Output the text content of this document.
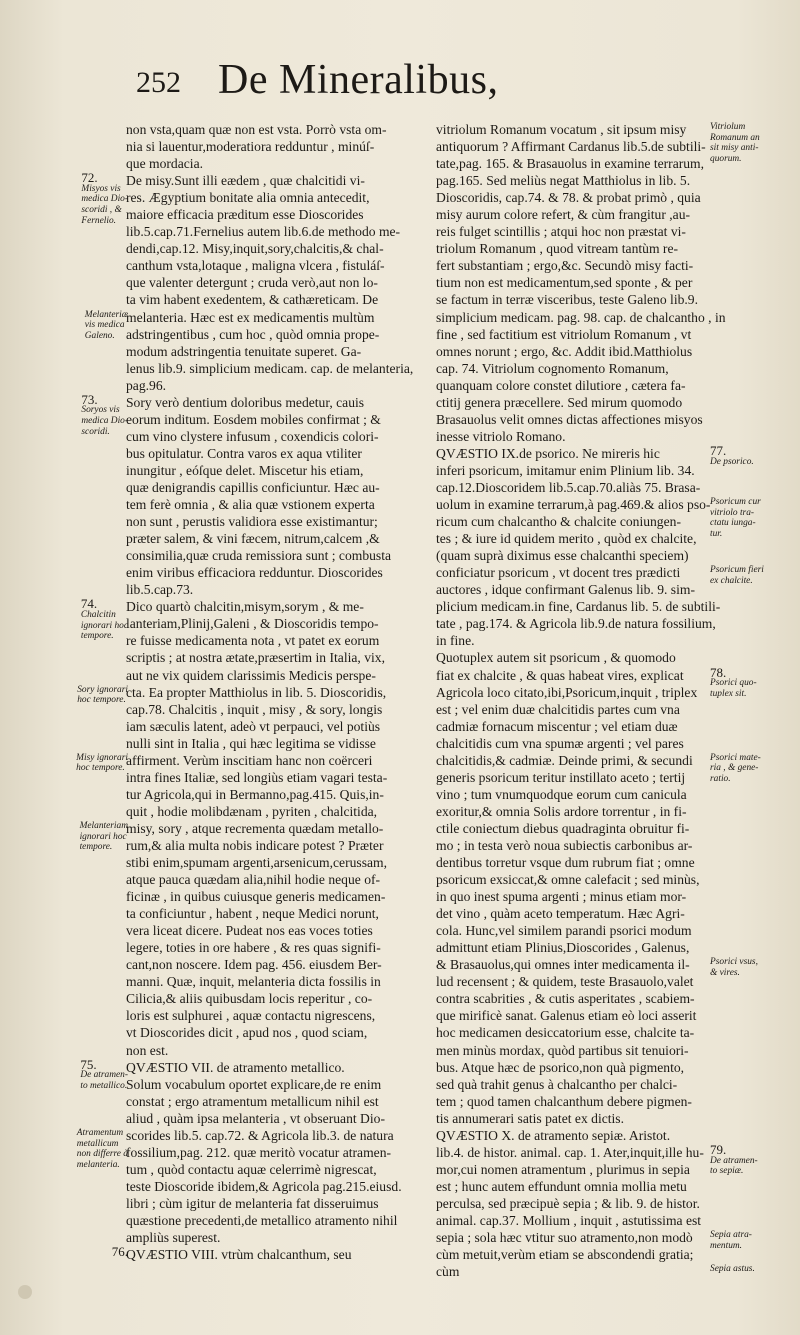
252 De Mineralibus,
72.
Misyos vis
medica Dio-
scoridi , &
Fernelio.
Melanteriæ
vis medica
Galeno.
73.
Soryos vis
medica Dio-
scoridi.
74.
Chalcitin
ignorari hoc
tempore.
Sory ignorari
hoc tempore.
Misy ignorari
hoc tempore.
Melanteriam
ignorari hoc
tempore.
75.
De atramen-
to metallico.
Atramentum
metallicum
non differre à
melanteria.
76.
non vsta,quam quæ non est vsta. Porrò vsta om-
nia si lauentur,moderatiora redduntur , minúſ-
que mordacia.
De misy.Sunt illi eædem , quæ chalcitidi vi-
res. Ægyptium bonitate alia omnia antecedit,
maiore efficacia præditum esse Dioscorides
lib.5.cap.71.Fernelius autem lib.6.de methodo me-
dendi,cap.12. Misy,inquit,sory,chalcitis,& chal-
canthum vsta,lotaque , maligna vlcera , fistuláſ-
que valenter detergunt ; cruda verò,aut non lo-
ta vim habent exedentem, & cathæreticam. De
melanteria. Hæc est ex medicamentis multùm
adstringentibus , cum hoc , quòd omnia prope-
modum adstringentia tenuitate superet. Ga-
lenus lib.9. simplicium medicam. cap. de melanteria,
pag.96.
Sory verò dentium doloribus medetur, cauis
eorum inditum. Eosdem mobiles confirmat ; &
cum vino clystere infusum , coxendicis colori-
bus opitulatur. Contra varos ex aqua vtiliter
inungitur , eóſque delet. Miscetur his etiam,
quæ denigrandis capillis conficiuntur. Hæc au-
tem ferè omnia , & alia quæ vstionem experta
non sunt , perustis validiora esse existimantur;
præter salem, & vini fæcem, nitrum,calcem ,&
consimilia,quæ cruda remissiora sunt ; combusta
enim viribus efficaciora redduntur. Dioscorides
lib.5.cap.73.
Dico quartò chalcitin,misym,sorym , & me-
lanteriam,Plinij,Galeni , & Dioscoridis tempo-
re fuisse medicamenta nota , vt patet ex eorum
scriptis ; at nostra ætate,præsertim in Italia, vix,
aut ne vix quidem clarissimis Medicis perspe-
cta. Ea propter Matthiolus in lib. 5. Dioscoridis,
cap.78. Chalcitis , inquit , misy , & sory, longis
iam sæculis latent, adeò vt perpauci, vel potiùs
nulli sint in Italia , qui hæc legitima se vidisse
affirment. Verùm inscitiam hanc non coërceri
intra fines Italiæ, sed longiùs etiam vagari testa-
tur Agricola,qui in Bermanno,pag.415. Quis,in-
quit , hodie molibdænam , pyriten , chalcitida,
misy, sory , atque recrementa quædam metallo-
rum,& alia multa nobis indicare potest ? Præter
stibi enim,spumam argenti,arsenicum,cerussam,
atque pauca quædam alia,nihil hodie neque of-
ficinæ , in quibus cuiusque generis medicamen-
ta conficiuntur , habent , neque Medici norunt,
vera liceat dicere. Pudeat nos eas voces toties
legere, toties in ore habere , & res quas signifi-
cant,non noscere. Idem pag. 456. eiusdem Ber-
manni. Quæ, inquit, melanteria dicta fossilis in
Cilicia,& aliis quibusdam locis reperitur , co-
loris est sulphurei , aquæ contactu nigrescens,
vt Dioscorides dicit , apud nos , quod sciam,
non est.
QVÆSTIO VII. de atramento metallico.
Solum vocabulum oportet explicare,de re enim
constat ; ergo atramentum metallicum nihil est
aliud , quàm ipsa melanteria , vt obseruant Dio-
scorides lib.5. cap.72. & Agricola lib.3. de natura
fossilium,pag. 212. quæ meritò vocatur atramen-
tum , quòd contactu aquæ celerrimè nigrescat,
teste Dioscoride ibidem,& Agricola pag.215.eiusd.
libri ; cùm igitur de melanteria fat disseruimus
quæstione precedenti,de metallico atramento nihil
ampliùs superest.
QVÆSTIO VIII. vtrùm chalcanthum, seu
vitriolum Romanum vocatum , sit ipsum misy
antiquorum ? Affirmant Cardanus lib.5.de subtili-
tate,pag. 165. & Brasauolus in examine terrarum,
pag.165. Sed meliùs negat Matthiolus in lib. 5.
Dioscoridis, cap.74. & 78. & probat primò , quia
misy aurum colore refert, & cùm frangitur ,au-
reis fulget scintillis ; atqui hoc non præstat vi-
triolum Romanum , quod vitream tantùm re-
fert substantiam ; ergo,&c. Secundò misy facti-
tium non est medicamentum,sed sponte , & per
se factum in terræ visceribus, teste Galeno lib.9.
simplicium medicam. pag. 98. cap. de chalcantho , in
fine , sed factitium est vitriolum Romanum , vt
omnes norunt ; ergo, &c. Addit ibid.Matthiolus
cap. 74. Vitriolum cognomento Romanum,
quanquam colore constet dilutiore , cætera fa-
ctitij genera præcellere. Sed mirum quomodo
Brasauolus velit omnes dictas affectiones misyos
inesse vitriolo Romano.
QVÆSTIO IX.de psorico. Ne mireris hic
inferi psoricum, imitamur enim Plinium lib. 34.
cap.12.Dioscoridem lib.5.cap.70.aliàs 75. Brasa-
uolum in examine terrarum,à pag.469.& alios pso-
ricum cum chalcantho & chalcite coniungen-
tes ; & iure id quidem merito , quòd ex chalcite,
(quam suprà diximus esse chalcanthi speciem)
conficiatur psoricum , vt docent tres prædicti
auctores , idque confirmant Galenus lib. 9. sim-
plicium medicam.in fine, Cardanus lib. 5. de subtili-
tate , pag.174. & Agricola lib.9.de natura fossilium,
in fine.
Quotuplex autem sit psoricum , & quomodo
fiat ex chalcite , & quas habeat vires, explicat
Agricola loco citato,ibi,Psoricum,inquit , triplex
est ; vel enim duæ chalcitidis partes cum vna
cadmiæ fornacum miscentur ; vel etiam duæ
chalcitidis cum vna spumæ argenti ; vel pares
chalcitidis,& cadmiæ. Deinde primi, & secundi
generis psoricum teritur instillato aceto ; tertij
vino ; tum vnumquodque eorum cum canicula
exoritur,& omnia Solis ardore torrentur , in fi-
ctile coniectum diebus quadraginta obruitur fi-
mo ; in testa verò noua subiectis carbonibus ar-
dentibus torretur vsque dum rubrum fiat ; omne
psoricum exsiccat,& omne calefacit ; sed minùs,
in quo inest spuma argenti ; minus etiam mor-
det vino , quàm aceto temperatum. Hæc Agri-
cola. Hunc,vel similem parandi psorici modum
admittunt etiam Plinius,Dioscorides , Galenus,
& Brasauolus,qui omnes inter medicamenta il-
lud recensent ; & quidem, teste Brasauolo,valet
contra scabrities , & cutis asperitates , scabiem-
que mirificè sanat. Galenus etiam eò loci asserit
hoc medicamen desiccatorium esse, chalcite ta-
men minùs mordax, quòd partibus sit tenuiori-
bus. Atque hæc de psorico,non quà pigmento,
sed quà trahit genus à chalcantho per chalci-
tem ; quod tamen chalcanthum debere pigmen-
tis annumerari satis patet ex dictis.
QVÆSTIO X. de atramento sepiæ. Aristot.
lib.4. de histor. animal. cap. 1. Ater,inquit,ille hu-
mor,cui nomen atramentum , plurimus in sepia
est ; hunc autem effundunt omnia mollia metu
perculsa, sed præcipuè sepia ; & lib. 9. de histor.
animal. cap.37. Mollium , inquit , astutissima est
sepia ; sola hæc vtitur suo atramento,non modò
cùm metuit,verùm etiam se abscondendi gratia;
cùm
Vitriolum
Romanum an
sit misy anti-
quorum.
77.
De psorico.
Psoricum cur
vitriolo tra-
ctatu iunga-
tur.
Psoricum fieri
ex chalcite.
78.
Psorici quo-
tuplex sit.
Psorici mate-
ria , & gene-
ratio.
Psorici vsus,
& vires.
79.
De atramen-
to sepiæ.
Sepia atra-
mentum.
Sepia astus.
